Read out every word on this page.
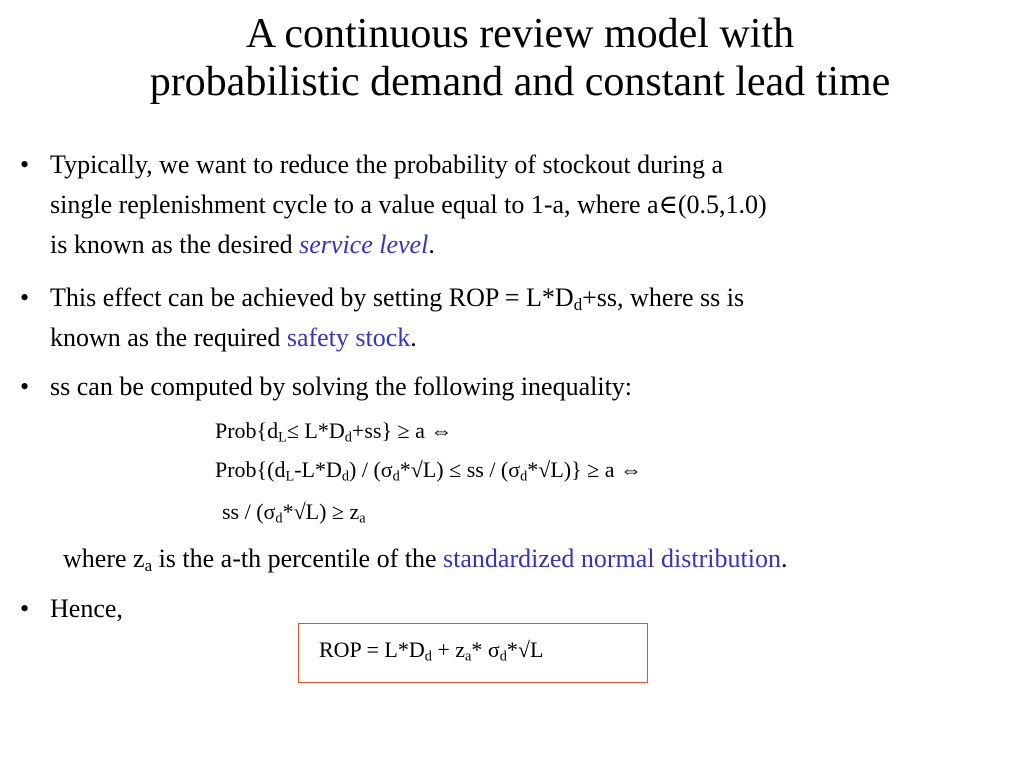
A continuous review model with
probabilistic demand and constant lead time
• Typically, we want to reduce the probability of stockout during a
single replenishment cycle to a value equal to 1-a, where a∈(0.5,1.0)
is known as the desired service level.
• This effect can be achieved by setting ROP = $L*D_d+ss$, where ss is
known as the required safety stock.
• ss can be computed by solving the following inequality:
$Prob\{d_L\le L*D_d+ss\} \ge a$ ⇔
$Prob\{(d_L-L*D_d) / (\sigma_d*√L)$ ≤ ss / $(\sigma_d*√L)\} \ge a$ ⇔
ss / $(\sigma_d*√L) \ge z_a$
where $z_a$ is the a-th percentile of the standardized normal distribution.
• Hence,
ROP = $L*D_d + z_a*$ $\sigma_d*√L$
